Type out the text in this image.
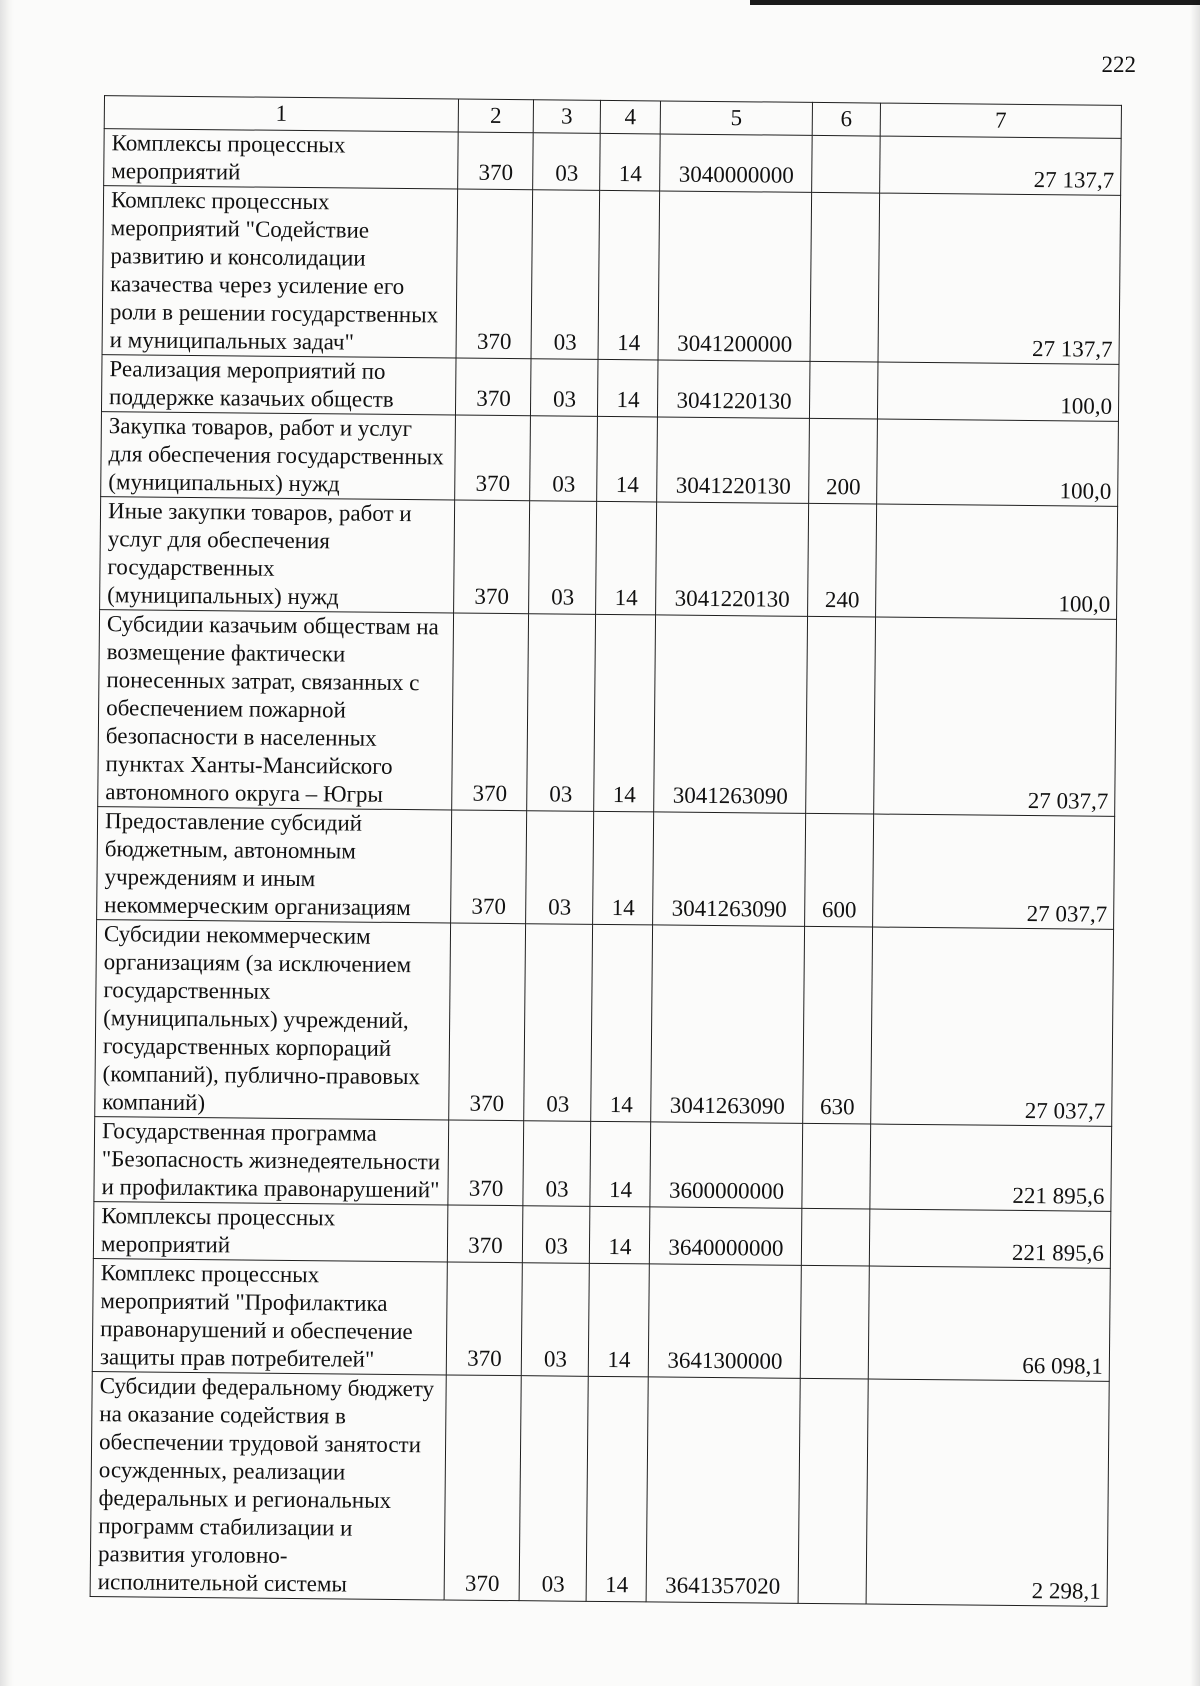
222
1	2	3	4	5	6	7
Комплексы процессных мероприятий	370	03	14	3040000000		27 137,7
Комплекс процессных мероприятий "Содействие развитию и консолидации казачества через усиление его роли в решении государственных и муниципальных задач"	370	03	14	3041200000		27 137,7
Реализация мероприятий по поддержке казачьих обществ	370	03	14	3041220130		100,0
Закупка товаров, работ и услуг для обеспечения государственных (муниципальных) нужд	370	03	14	3041220130	200	100,0
Иные закупки товаров, работ и услуг для обеспечения государственных (муниципальных) нужд	370	03	14	3041220130	240	100,0
Субсидии казачьим обществам на возмещение фактически понесенных затрат, связанных с обеспечением пожарной безопасности в населенных пунктах Ханты-Мансийского автономного округа – Югры	370	03	14	3041263090		27 037,7
Предоставление субсидий бюджетным, автономным учреждениям и иным некоммерческим организациям	370	03	14	3041263090	600	27 037,7
Субсидии некоммерческим организациям (за исключением государственных (муниципальных) учреждений, государственных корпораций (компаний), публично-правовых компаний)	370	03	14	3041263090	630	27 037,7
Государственная программа "Безопасность жизнедеятельности и профилактика правонарушений"	370	03	14	3600000000		221 895,6
Комплексы процессных мероприятий	370	03	14	3640000000		221 895,6
Комплекс процессных мероприятий "Профилактика правонарушений и обеспечение защиты прав потребителей"	370	03	14	3641300000		66 098,1
Субсидии федеральному бюджету на оказание содействия в обеспечении трудовой занятости осужденных, реализации федеральных и региональных программ стабилизации и развития уголовно-исполнительной системы	370	03	14	3641357020		2 298,1
